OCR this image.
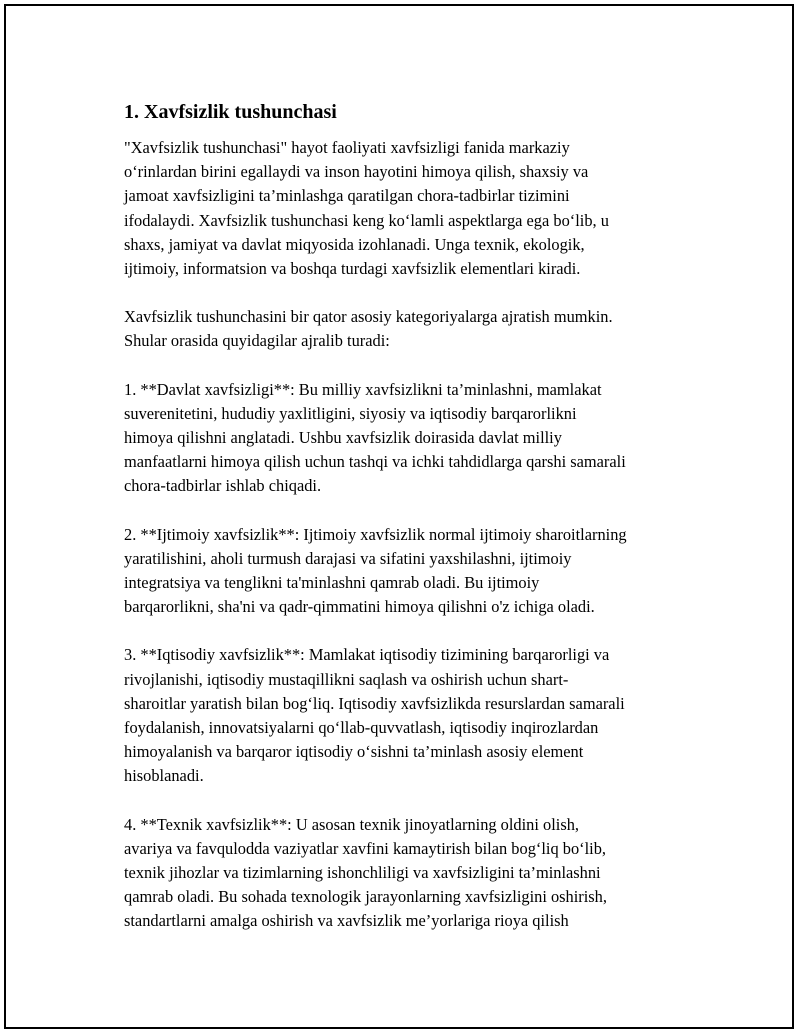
1. Xavfsizlik tushunchasi

"Xavfsizlik tushunchasi" hayot faoliyati xavfsizligi fanida markaziy
o‘rinlardan birini egallaydi va inson hayotini himoya qilish, shaxsiy va
jamoat xavfsizligini ta’minlashga qaratilgan chora-tadbirlar tizimini
ifodalaydi. Xavfsizlik tushunchasi keng ko‘lamli aspektlarga ega bo‘lib, u
shaxs, jamiyat va davlat miqyosida izohlanadi. Unga texnik, ekologik,
ijtimoiy, informatsion va boshqa turdagi xavfsizlik elementlari kiradi.

Xavfsizlik tushunchasini bir qator asosiy kategoriyalarga ajratish mumkin.
Shular orasida quyidagilar ajralib turadi:

1. **Davlat xavfsizligi**: Bu milliy xavfsizlikni ta’minlashni, mamlakat
suverenitetini, hududiy yaxlitligini, siyosiy va iqtisodiy barqarorlikni
himoya qilishni anglatadi. Ushbu xavfsizlik doirasida davlat milliy
manfaatlarni himoya qilish uchun tashqi va ichki tahdidlarga qarshi samarali
chora-tadbirlar ishlab chiqadi.

2. **Ijtimoiy xavfsizlik**: Ijtimoiy xavfsizlik normal ijtimoiy sharoitlarning
yaratilishini, aholi turmush darajasi va sifatini yaxshilashni, ijtimoiy
integratsiya va tenglikni ta'minlashni qamrab oladi. Bu ijtimoiy
barqarorlikni, sha'ni va qadr-qimmatini himoya qilishni o'z ichiga oladi.

3. **Iqtisodiy xavfsizlik**: Mamlakat iqtisodiy tizimining barqarorligi va
rivojlanishi, iqtisodiy mustaqillikni saqlash va oshirish uchun shart-
sharoitlar yaratish bilan bog‘liq. Iqtisodiy xavfsizlikda resurslardan samarali
foydalanish, innovatsiyalarni qo‘llab-quvvatlash, iqtisodiy inqirozlardan
himoyalanish va barqaror iqtisodiy o‘sishni ta’minlash asosiy element
hisoblanadi.

4. **Texnik xavfsizlik**: U asosan texnik jinoyatlarning oldini olish,
avariya va favqulodda vaziyatlar xavfini kamaytirish bilan bog‘liq bo‘lib,
texnik jihozlar va tizimlarning ishonchliligi va xavfsizligini ta’minlashni
qamrab oladi. Bu sohada texnologik jarayonlarning xavfsizligini oshirish,
standartlarni amalga oshirish va xavfsizlik me’yorlariga rioya qilish
